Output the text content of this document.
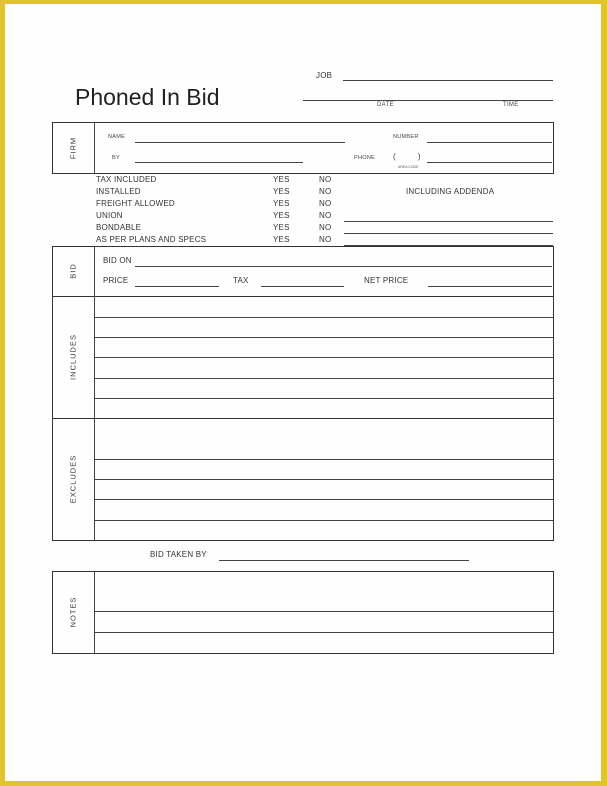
Phoned In Bid
JOB
DATE	TIME
FIRM	NAME	NUMBER
BY	PHONE (          )
AREA CODE
TAX INCLUDED	YES	NO
INSTALLED	YES	NO
FREIGHT ALLOWED	YES	NO
UNION	YES	NO
BONDABLE	YES	NO
AS PER PLANS AND SPECS	YES	NO
INCLUDING ADDENDA
BID
BID ON
PRICE	TAX	NET PRICE
INCLUDES
EXCLUDES
BID TAKEN BY
NOTES
